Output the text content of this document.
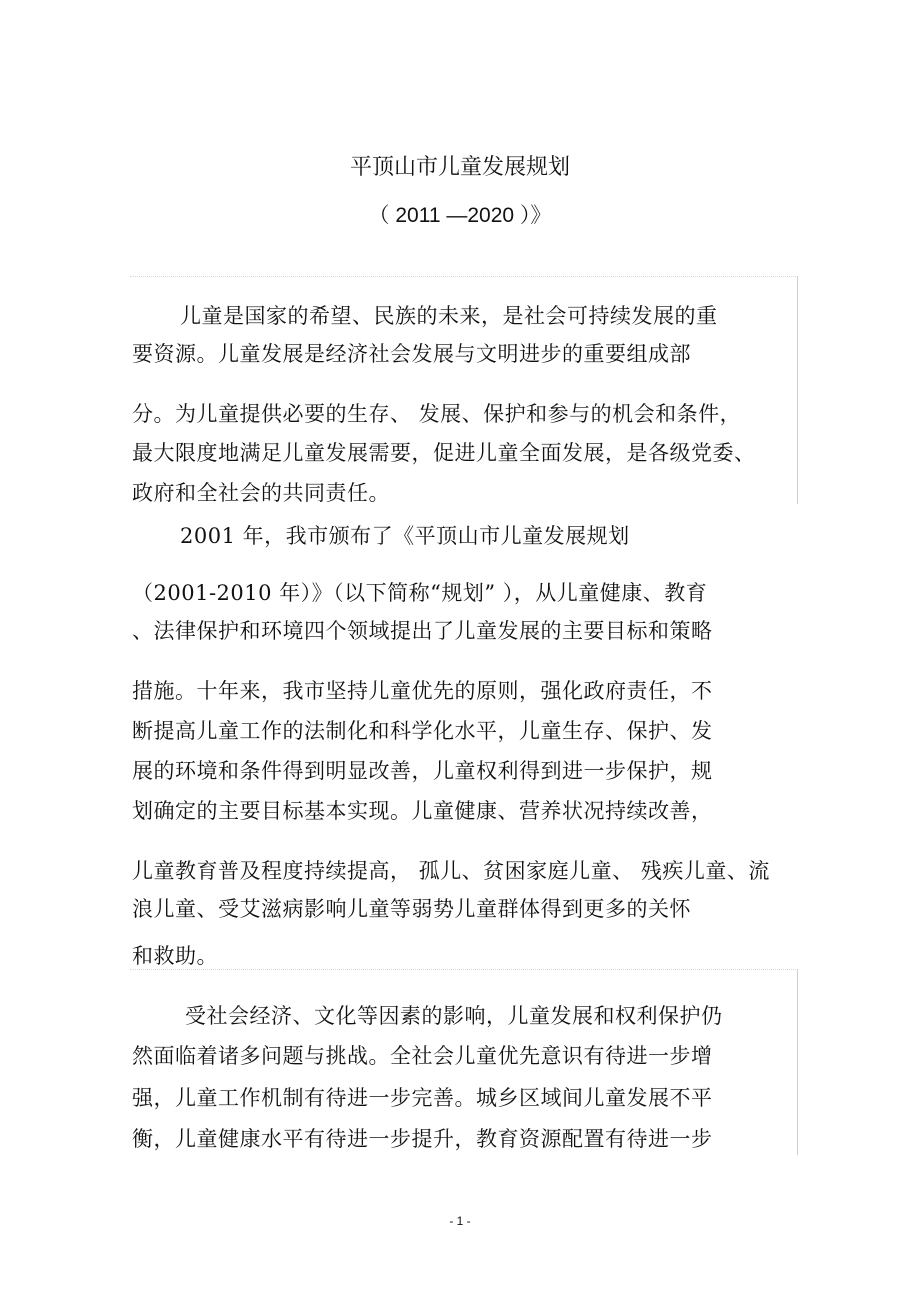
平顶山市儿童发展规划
（ 2011 —2020 ）》
儿童是国家的希望、民族的未来，是社会可持续发展的重
要资源。儿童发展是经济社会发展与文明进步的重要组成部
分。为儿童提供必要的生存、 发展、保护和参与的机会和条件，
最大限度地满足儿童发展需要，促进儿童全面发展，是各级党委、
政府和全社会的共同责任。
2001 年，我市颁布了《平顶山市儿童发展规划
（2001-2010 年）》（以下简称“规划” ），从儿童健康、教育
、法律保护和环境四个领域提出了儿童发展的主要目标和策略
措施。十年来，我市坚持儿童优先的原则，强化政府责任，不
断提高儿童工作的法制化和科学化水平，儿童生存、保护、发
展的环境和条件得到明显改善，儿童权利得到进一步保护，规
划确定的主要目标基本实现。儿童健康、营养状况持续改善，
儿童教育普及程度持续提高， 孤儿、贫困家庭儿童、 残疾儿童、流
浪儿童、受艾滋病影响儿童等弱势儿童群体得到更多的关怀
和救助。
受社会经济、文化等因素的影响，儿童发展和权利保护仍
然面临着诸多问题与挑战。全社会儿童优先意识有待进一步增
强，儿童工作机制有待进一步完善。城乡区域间儿童发展不平
衡，儿童健康水平有待进一步提升，教育资源配置有待进一步
- 1 -
